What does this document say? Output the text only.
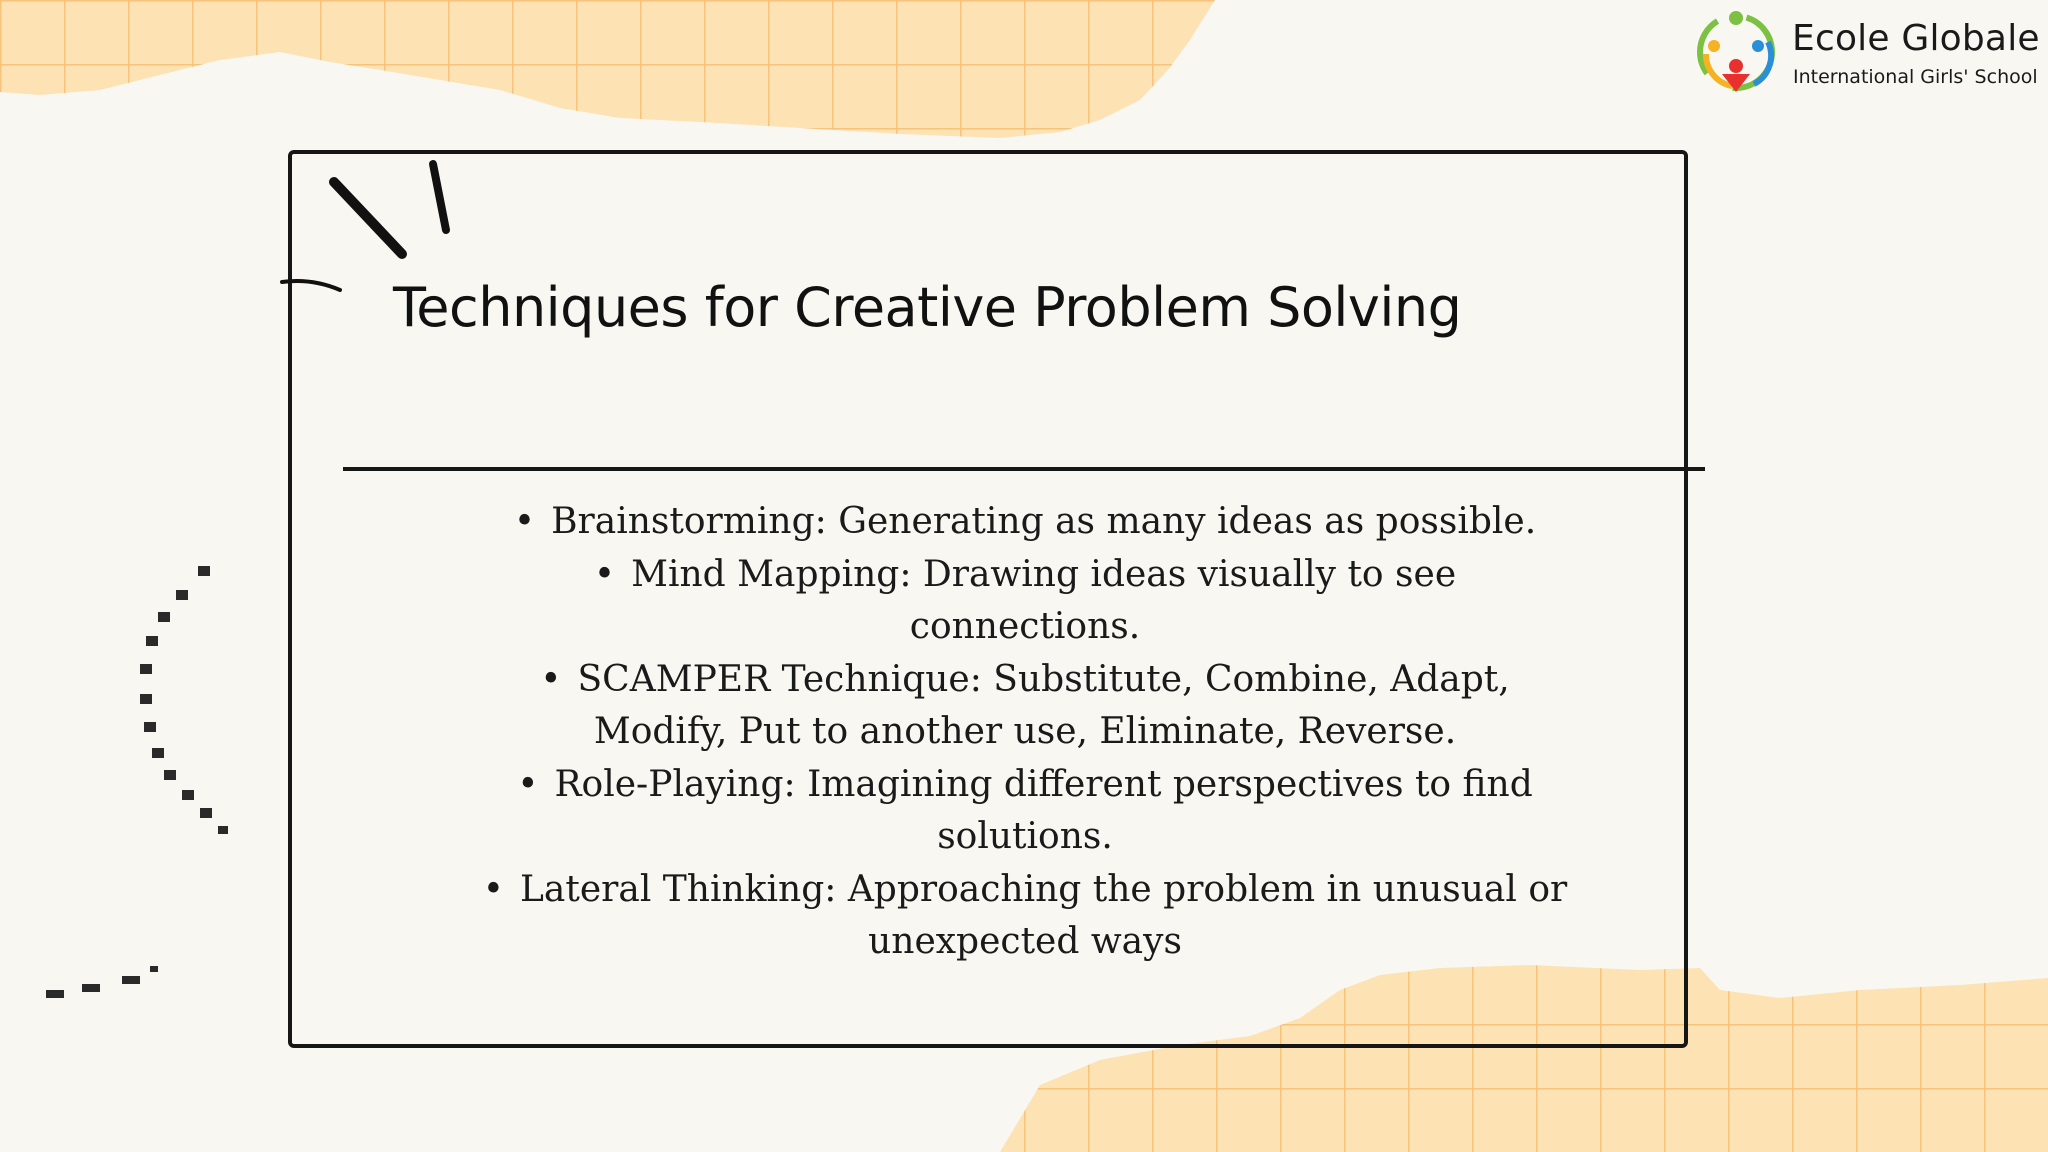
Ecole Globale
International Girls' School
Techniques for Creative Problem Solving
• Brainstorming: Generating as many ideas as possible.
• Mind Mapping: Drawing ideas visually to see connections.
• SCAMPER Technique: Substitute, Combine, Adapt, Modify, Put to another use, Eliminate, Reverse.
• Role-Playing: Imagining different perspectives to find solutions.
• Lateral Thinking: Approaching the problem in unusual or unexpected ways
